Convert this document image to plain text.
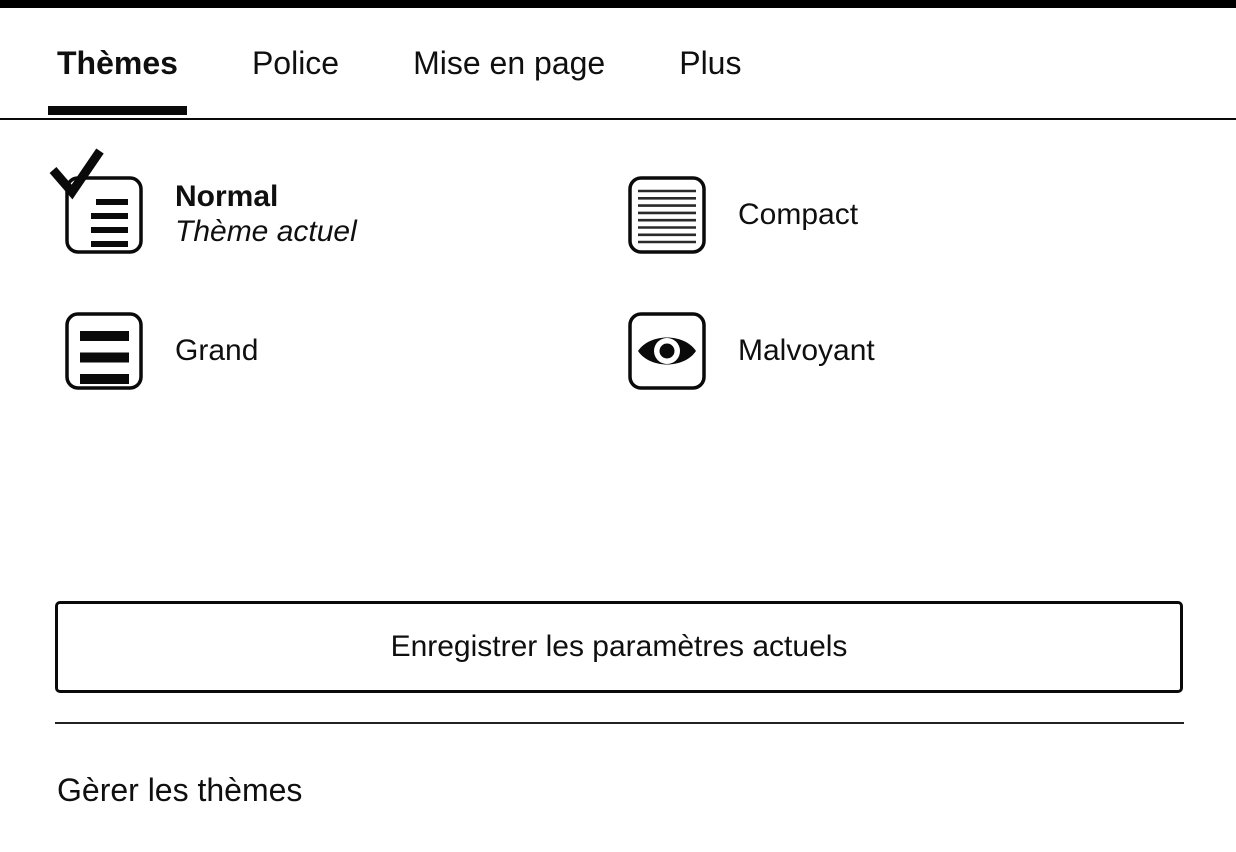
Thèmes Police Mise en page Plus
Normal
Thème actuel
Compact
Grand	Malvoyant
Enregistrer les paramètres actuels
Gèrer les thèmes
